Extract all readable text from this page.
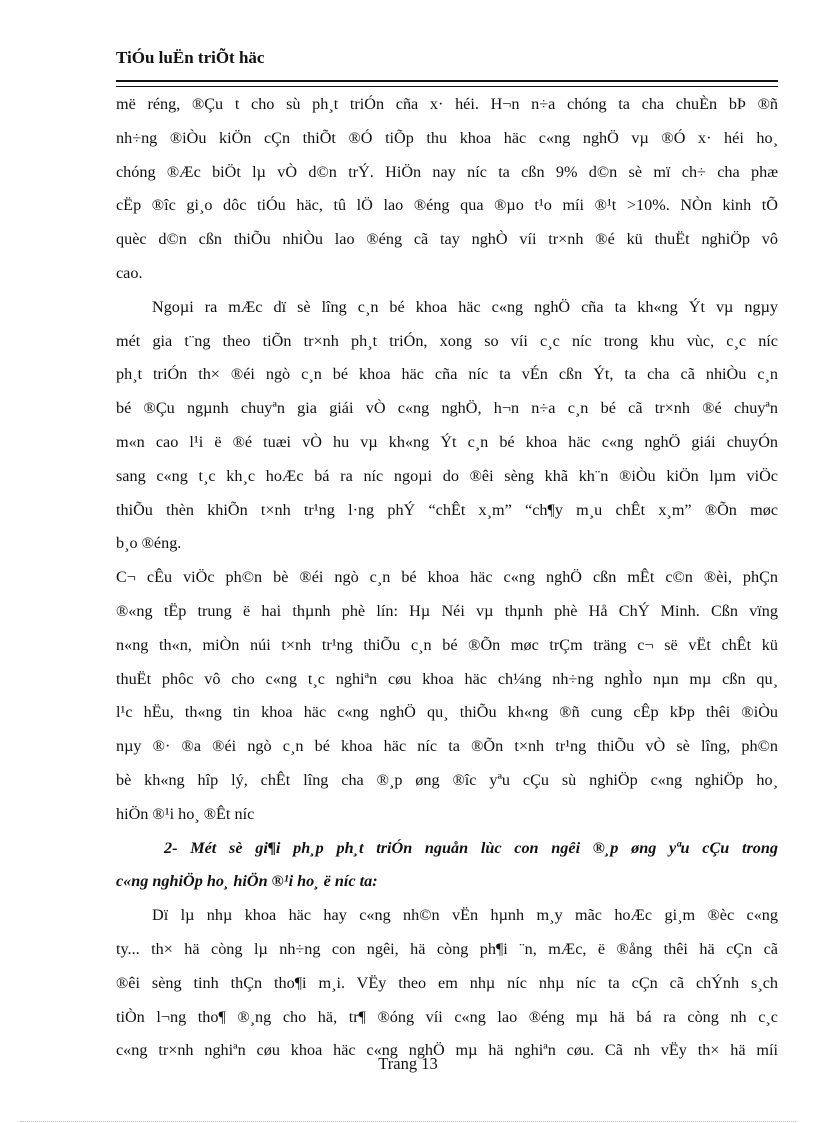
TiÓu luËn triÕt häc

më réng, ®Çu t cho sù ph¸t triÓn cña x· héi. H¬n n÷a chóng ta cha chuÈn bÞ ®ñ
nh÷ng ®iÒu kiÖn cÇn thiÕt ®Ó tiÕp thu khoa häc c«ng nghÖ vµ ®Ó x· héi ho¸
chóng ®Æc biÖt lµ vÒ d©n trÝ. HiÖn nay níc ta cßn 9% d©n sè mï ch÷ cha phæ
cËp ®îc gi¸o dôc tiÓu häc, tû lÖ lao ®éng qua ®µo t¹o míi ®¹t >10%. NÒn kinh tÕ
quèc d©n cßn thiÕu nhiÒu lao ®éng cã tay nghÒ víi tr×nh ®é kü thuËt nghiÖp vô
cao.

Ngoµi ra mÆc dï sè lîng c¸n bé khoa häc c«ng nghÖ cña ta kh«ng Ýt vµ ngµy
mét gia t¨ng theo tiÕn tr×nh ph¸t triÓn, xong so víi c¸c níc trong khu vùc, c¸c níc
ph¸t triÓn th× ®éi ngò c¸n bé khoa häc cña níc ta vÉn cßn Ýt, ta cha cã nhiÒu c¸n
bé ®Çu ngµnh chuyªn gia giái vÒ c«ng nghÖ, h¬n n÷a c¸n bé cã tr×nh ®é chuyªn
m«n cao l¹i ë ®é tuæi vÒ hu vµ kh«ng Ýt c¸n bé khoa häc c«ng nghÖ giái chuyÓn
sang c«ng t¸c kh¸c hoÆc bá ra níc ngoµi do ®êi sèng khã kh¨n ®iÒu kiÖn lµm viÖc
thiÕu thèn khiÕn t×nh tr¹ng l·ng phÝ “chÊt x¸m” “ch¶y m¸u chÊt x¸m” ®Õn møc
b¸o ®éng.

C¬ cÊu viÖc ph©n bè ®éi ngò c¸n bé khoa häc c«ng nghÖ cßn mÊt c©n ®èi, phÇn
®«ng tËp trung ë hai thµnh phè lín: Hµ Néi vµ thµnh phè Hå ChÝ Minh. Cßn vïng
n«ng th«n, miÒn núi t×nh tr¹ng thiÕu c¸n bé ®Õn møc trÇm träng c¬ së vËt chÊt kü
thuËt phôc vô cho c«ng t¸c nghiªn cøu khoa häc ch¼ng nh÷ng nghÌo nµn mµ cßn qu¸
l¹c hËu, th«ng tin khoa häc c«ng nghÖ qu¸ thiÕu kh«ng ®ñ cung cÊp kÞp thêi ®iÒu
nµy ®· ®a ®éi ngò c¸n bé khoa häc níc ta ®Õn t×nh tr¹ng thiÕu vÒ sè lîng, ph©n
bè kh«ng hîp lý, chÊt lîng cha ®¸p øng ®îc yªu cÇu sù nghiÖp c«ng nghiÖp ho¸
hiÖn ®¹i ho¸ ®Êt níc

2- Mét sè gi¶i ph¸p ph¸t triÓn nguån lùc con ngêi ®¸p øng yªu cÇu trong
c«ng nghiÖp ho¸ hiÖn ®¹i ho¸ ë níc ta:

Dï lµ nhµ khoa häc hay c«ng nh©n vËn hµnh m¸y mãc hoÆc gi¸m ®èc c«ng
ty... th× hä còng lµ nh÷ng con ngêi, hä còng ph¶i ¨n, mÆc, ë ®ång thêi hä cÇn cã
®êi sèng tinh thÇn tho¶i m¸i. VËy theo em nhµ níc nhµ níc ta cÇn cã chÝnh s¸ch
tiÒn l¬ng tho¶ ®¸ng cho hä, tr¶ ®óng víi c«ng lao ®éng mµ hä bá ra còng nh c¸c
c«ng tr×nh nghiªn cøu khoa häc c«ng nghÖ mµ hä nghiªn cøu. Cã nh vËy th× hä míi

Trang 13
